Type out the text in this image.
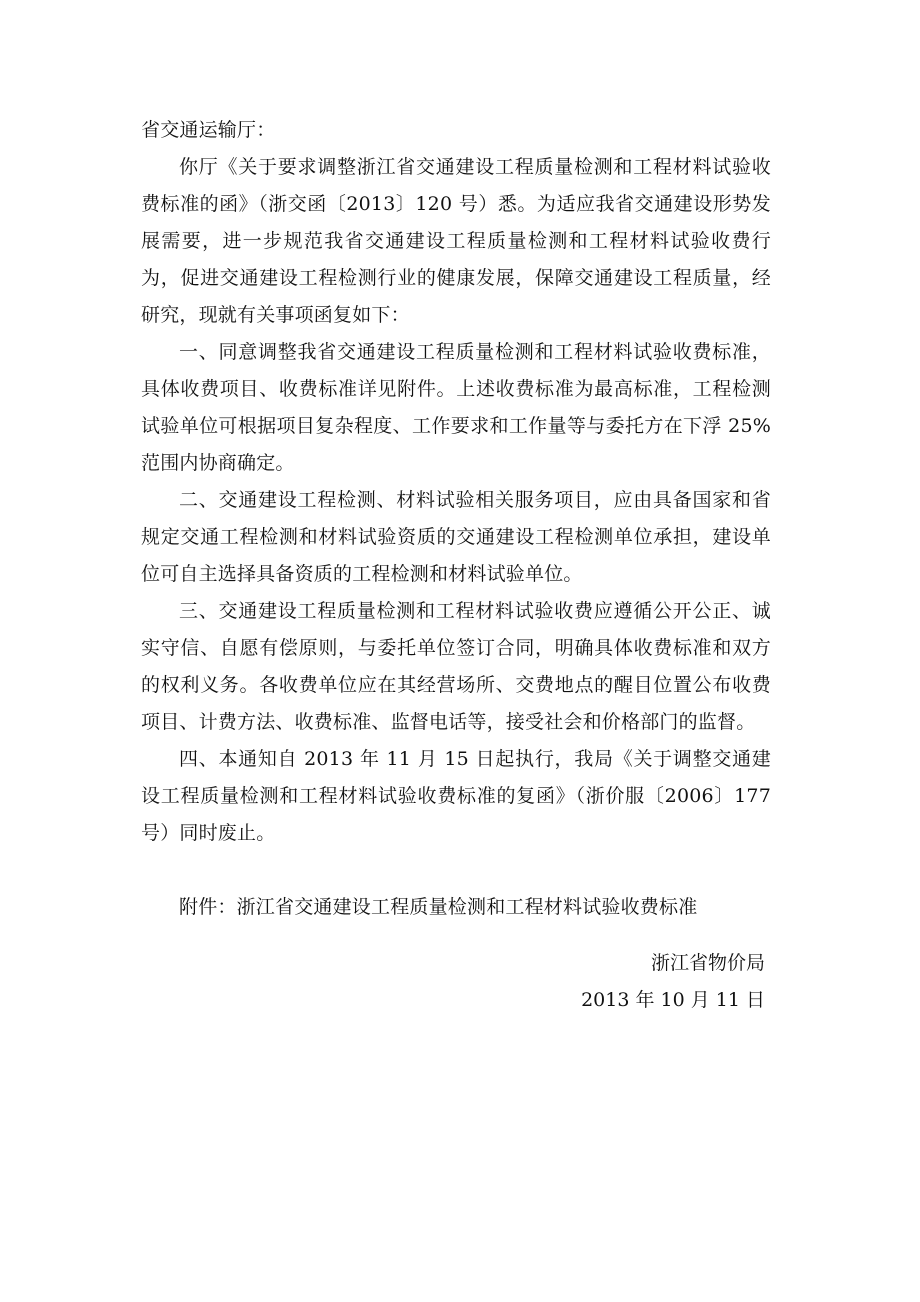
省交通运输厅：

你厅《关于要求调整浙江省交通建设工程质量检测和工程材料试验收费标准的函》（浙交函〔2013〕120 号）悉。为适应我省交通建设形势发展需要，进一步规范我省交通建设工程质量检测和工程材料试验收费行为，促进交通建设工程检测行业的健康发展，保障交通建设工程质量，经研究，现就有关事项函复如下：

一、同意调整我省交通建设工程质量检测和工程材料试验收费标准，具体收费项目、收费标准详见附件。上述收费标准为最高标准，工程检测试验单位可根据项目复杂程度、工作要求和工作量等与委托方在下浮 25%范围内协商确定。

二、交通建设工程检测、材料试验相关服务项目，应由具备国家和省规定交通工程检测和材料试验资质的交通建设工程检测单位承担，建设单位可自主选择具备资质的工程检测和材料试验单位。

三、交通建设工程质量检测和工程材料试验收费应遵循公开公正、诚实守信、自愿有偿原则，与委托单位签订合同，明确具体收费标准和双方的权利义务。各收费单位应在其经营场所、交费地点的醒目位置公布收费项目、计费方法、收费标准、监督电话等，接受社会和价格部门的监督。

四、本通知自 2013 年 11 月 15 日起执行，我局《关于调整交通建设工程质量检测和工程材料试验收费标准的复函》（浙价服〔2006〕177 号）同时废止。

附件：浙江省交通建设工程质量检测和工程材料试验收费标准

浙江省物价局
2013 年 10 月 11 日
